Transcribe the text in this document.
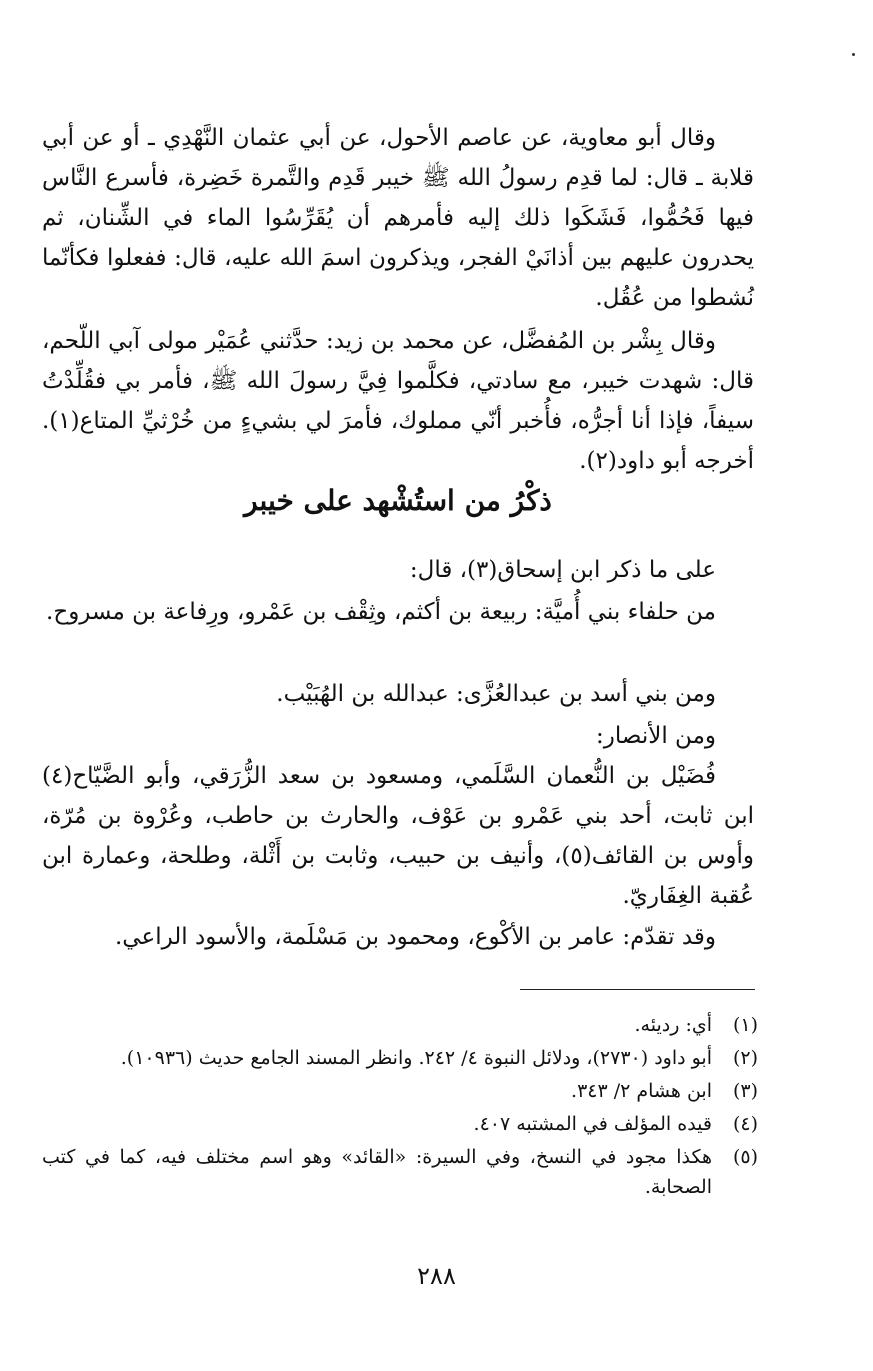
وقال أبو معاوية، عن عاصم الأحول، عن أبي عثمان النَّهْدِي ـ أو عن أبي قلابة ـ قال: لما قدِم رسولُ الله ﷺ خيبر قَدِم والتَّمرة خَضِرة، فأسرع النَّاس فيها فَحُمُّوا، فَشَكَوا ذلك إليه فأمرهم أن يُقَرِّسُوا الماء في الشِّنان، ثم يحدرون عليهم بين أذانَيْ الفجر، ويذكرون اسمَ الله عليه، قال: ففعلوا فكأنّما نُشطوا من عُقُل.

وقال بِشْر بن المُفضَّل، عن محمد بن زيد: حدَّثني عُمَيْر مولى آبي اللّحم، قال: شهدت خيبر، مع سادتي، فكلَّموا فِيَّ رسولَ الله ﷺ، فأمر بي فقُلِّدْتُ سيفاً، فإذا أنا أجرُّه، فأُخبر أنّي مملوك، فأمرَ لي بشيءٍ من خُرْثيِّ المتاع(١). أخرجه أبو داود(٢).

ذكْرُ من استُشْهد على خيبر

على ما ذكر ابن إسحاق(٣)، قال:

من حلفاء بني أُميَّة: ربيعة بن أكثم، وثِقْف بن عَمْرو، ورِفاعة بن مسروح.

ومن بني أسد بن عبدالعُزَّى: عبدالله بن الهُبَيْب.

ومن الأنصار:

فُضَيْل بن النُّعمان السَّلَمي، ومسعود بن سعد الزُّرَقي، وأبو الضَّيّاح(٤) ابن ثابت، أحد بني عَمْرو بن عَوْف، والحارث بن حاطب، وعُرْوة بن مُرّة، وأوس بن القائف(٥)، وأنيف بن حبيب، وثابت بن أَثْلة، وطلحة، وعمارة ابن عُقبة الغِفَاريّ.

وقد تقدّم: عامر بن الأكْوع، ومحمود بن مَسْلَمة، والأسود الراعي.

(١)
أي: رديئه.
(٢)
أبو داود (٢٧٣٠)، ودلائل النبوة ٤/ ٢٤٢. وانظر المسند الجامع حديث (١٠٩٣٦).
(٣)
ابن هشام ٢/ ٣٤٣.
(٤)
قيده المؤلف في المشتبه ٤٠٧.
(٥)
هكذا مجود في النسخ، وفي السيرة: «القائد» وهو اسم مختلف فيه، كما في كتب الصحابة.
٢٨٨
